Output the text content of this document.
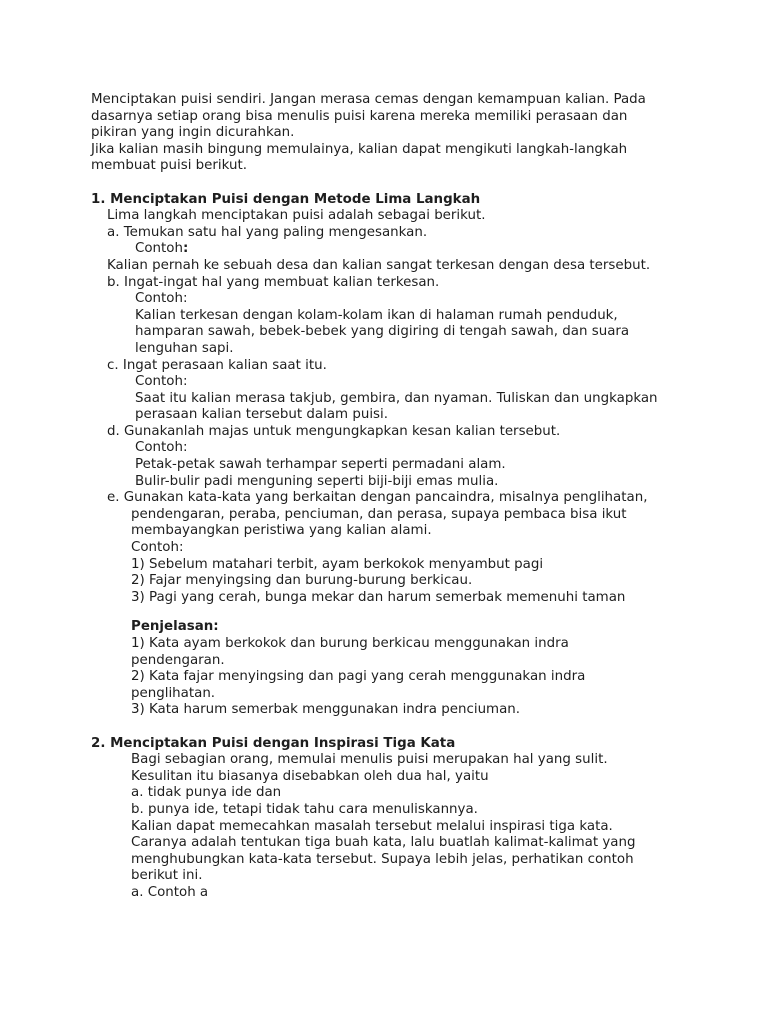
Menciptakan puisi sendiri. Jangan merasa cemas dengan kemampuan kalian. Pada dasarnya setiap orang bisa menulis puisi karena mereka memiliki perasaan dan pikiran yang ingin dicurahkan.

Jika kalian masih bingung memulainya, kalian dapat mengikuti langkah-langkah membuat puisi berikut.

1. Menciptakan Puisi dengan Metode Lima Langkah

Lima langkah menciptakan puisi adalah sebagai berikut.

a. Temukan satu hal yang paling mengesankan.

Contoh:

Kalian pernah ke sebuah desa dan kalian sangat terkesan dengan desa tersebut.

b. Ingat-ingat hal yang membuat kalian terkesan.

Contoh:

Kalian terkesan dengan kolam-kolam ikan di halaman rumah penduduk, hamparan sawah, bebek-bebek yang digiring di tengah sawah, dan suara lenguhan sapi.

c. Ingat perasaan kalian saat itu.

Contoh:

Saat itu kalian merasa takjub, gembira, dan nyaman. Tuliskan dan ungkapkan perasaan kalian tersebut dalam puisi.

d. Gunakanlah majas untuk mengungkapkan kesan kalian tersebut.

Contoh:

Petak-petak sawah terhampar seperti permadani alam.

Bulir-bulir padi menguning seperti biji-biji emas mulia.

e. Gunakan kata-kata yang berkaitan dengan pancaindra, misalnya penglihatan, pendengaran, peraba, penciuman, dan perasa, supaya pembaca bisa ikut membayangkan peristiwa yang kalian alami.

Contoh:

1) Sebelum matahari terbit, ayam berkokok menyambut pagi

2) Fajar menyingsing dan burung-burung berkicau.

3) Pagi yang cerah, bunga mekar dan harum semerbak memenuhi taman

Penjelasan:

1) Kata ayam berkokok dan burung berkicau menggunakan indra pendengaran.

2) Kata fajar menyingsing dan pagi yang cerah menggunakan indra penglihatan.

3) Kata harum semerbak menggunakan indra penciuman.

2. Menciptakan Puisi dengan Inspirasi Tiga Kata

Bagi sebagian orang, memulai menulis puisi merupakan hal yang sulit. Kesulitan itu biasanya disebabkan oleh dua hal, yaitu

a. tidak punya ide dan

b. punya ide, tetapi tidak tahu cara menuliskannya.

Kalian dapat memecahkan masalah tersebut melalui inspirasi tiga kata. Caranya adalah tentukan tiga buah kata, lalu buatlah kalimat-kalimat yang menghubungkan kata-kata tersebut. Supaya lebih jelas, perhatikan contoh berikut ini.

a. Contoh a
